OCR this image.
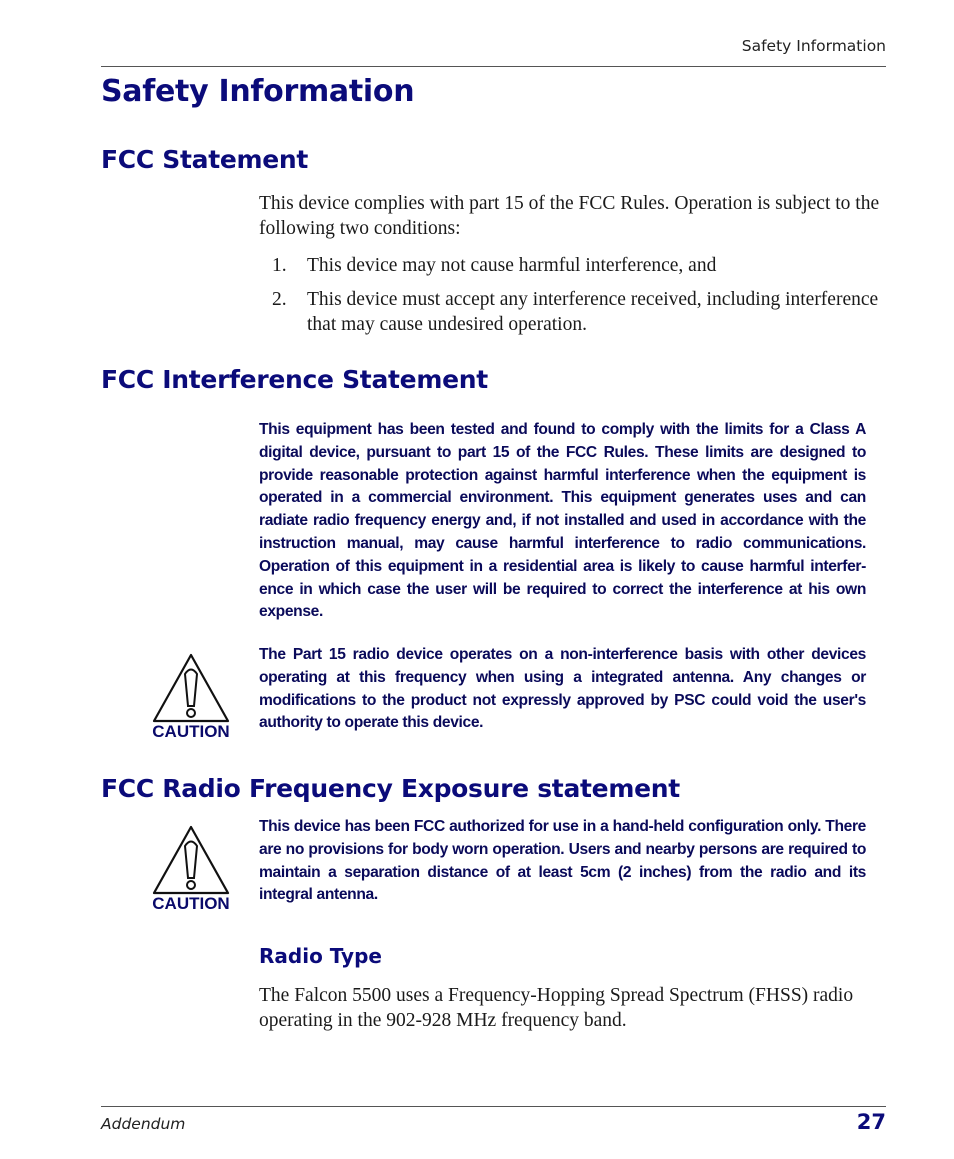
Safety Information
Safety Information
FCC Statement

This device complies with part 15 of the FCC Rules. Operation is subject to the following two conditions:

1. This device may not cause harmful interference, and
2. This device must accept any interference received, including interference that may cause undesired operation.
FCC Interference Statement

This equipment has been tested and found to comply with the limits for a Class A digital device, pursuant to part 15 of the FCC Rules. These limits are designed to provide reasonable protection against harmful interference when the equipment is operated in a commercial environment. This equipment generates uses and can radiate radio frequency energy and, if not installed and used in accordance with the instruction manual, may cause harmful interference to radio communications. Operation of this equipment in a residential area is likely to cause harmful interfer-ence in which case the user will be required to correct the interference at his own expense.

CAUTION

The Part 15 radio device operates on a non-interference basis with other devices operating at this frequency when using a integrated antenna. Any changes or modifications to the product not expressly approved by PSC could void the user's authority to operate this device.

FCC Radio Frequency Exposure statement
CAUTION

This device has been FCC authorized for use in a hand-held configuration only. There are no provisions for body worn operation. Users and nearby persons are required to maintain a separation distance of at least 5cm (2 inches) from the radio and its integral antenna.

Radio Type

The Falcon 5500 uses a Frequency-Hopping Spread Spectrum (FHSS) radio operating in the 902-928 MHz frequency band.

Addendum	27
